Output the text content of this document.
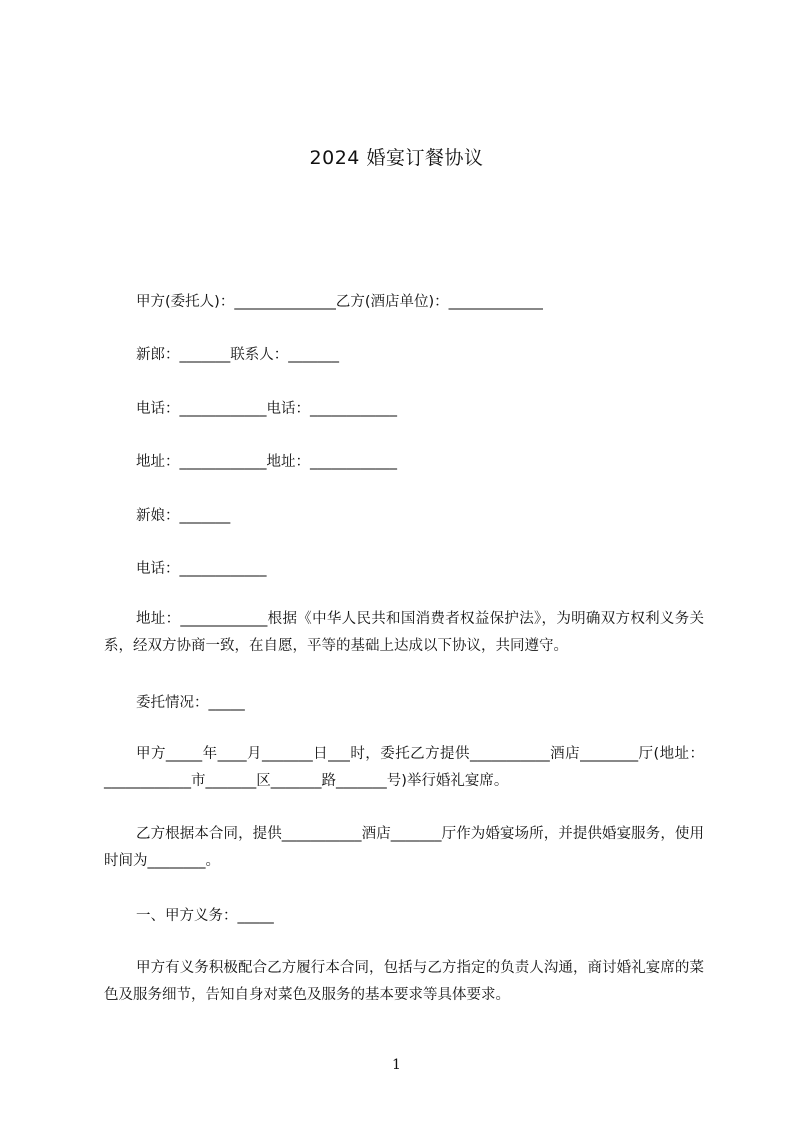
2024 婚宴订餐协议
甲方(委托人)：______________乙方(酒店单位)：_____________
新郎：_______联系人：_______
电话：____________电话：____________
地址：____________地址：____________
新娘：_______
电话：____________
地址：____________根据《中华人民共和国消费者权益保护法》，为明确双方权利义务关系，经双方协商一致，在自愿，平等的基础上达成以下协议，共同遵守。
委托情况：_____
甲方_____年____月_______日___时，委托乙方提供___________酒店________厅(地址：____________市_______区_______路_______号)举行婚礼宴席。
乙方根据本合同，提供___________酒店_______厅作为婚宴场所，并提供婚宴服务，使用时间为________。
一、甲方义务：_____
甲方有义务积极配合乙方履行本合同，包括与乙方指定的负责人沟通，商讨婚礼宴席的菜色及服务细节，告知自身对菜色及服务的基本要求等具体要求。
1
